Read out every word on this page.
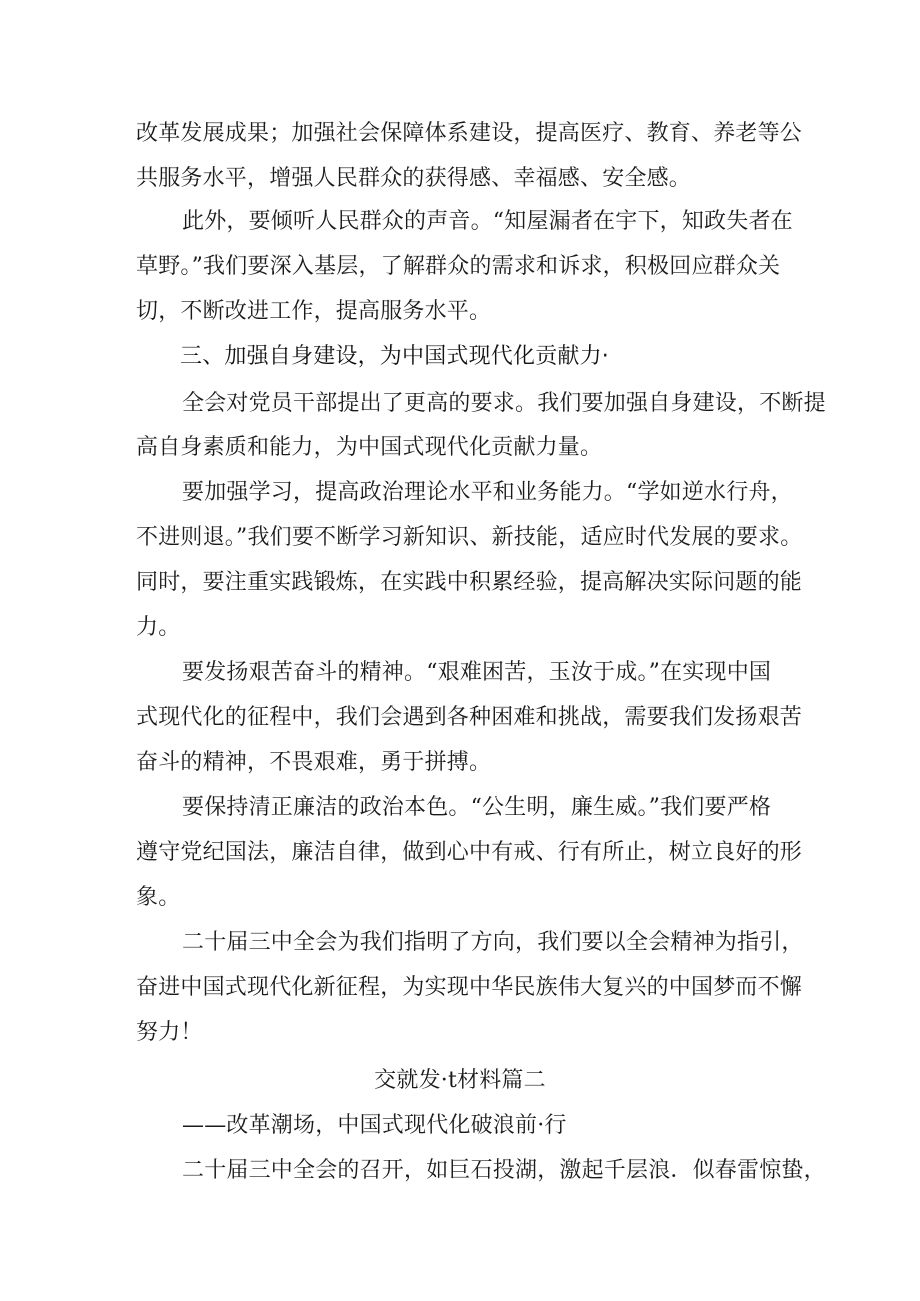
改革发展成果；加强社会保障体系建设，提高医疗、教育、养老等公
共服务水平，增强人民群众的获得感、幸福感、安全感。
此外，要倾听人民群众的声音。“知屋漏者在宇下，知政失者在
草野。”我们要深入基层，了解群众的需求和诉求，积极回应群众关
切，不断改进工作，提高服务水平。
三、加强自身建设，为中国式现代化贡献力·
全会对党员干部提出了更高的要求。我们要加强自身建设，不断提
高自身素质和能力，为中国式现代化贡献力量。
要加强学习，提高政治理论水平和业务能力。“学如逆水行舟，
不进则退。”我们要不断学习新知识、新技能，适应时代发展的要求。
同时，要注重实践锻炼，在实践中积累经验，提高解决实际问题的能
力。
要发扬艰苦奋斗的精神。“艰难困苦，玉汝于成。”在实现中国
式现代化的征程中，我们会遇到各种困难和挑战，需要我们发扬艰苦
奋斗的精神，不畏艰难，勇于拼搏。
要保持清正廉洁的政治本色。“公生明，廉生威。”我们要严格
遵守党纪国法，廉洁自律，做到心中有戒、行有所止，树立良好的形
象。
二十届三中全会为我们指明了方向，我们要以全会精神为指引，
奋进中国式现代化新征程，为实现中华民族伟大复兴的中国梦而不懈
努力！
交就发·t材料篇二
——改革潮场，中国式现代化破浪前·行
二十届三中全会的召开，如巨石投湖，激起千层浪．似春雷惊蛰，
